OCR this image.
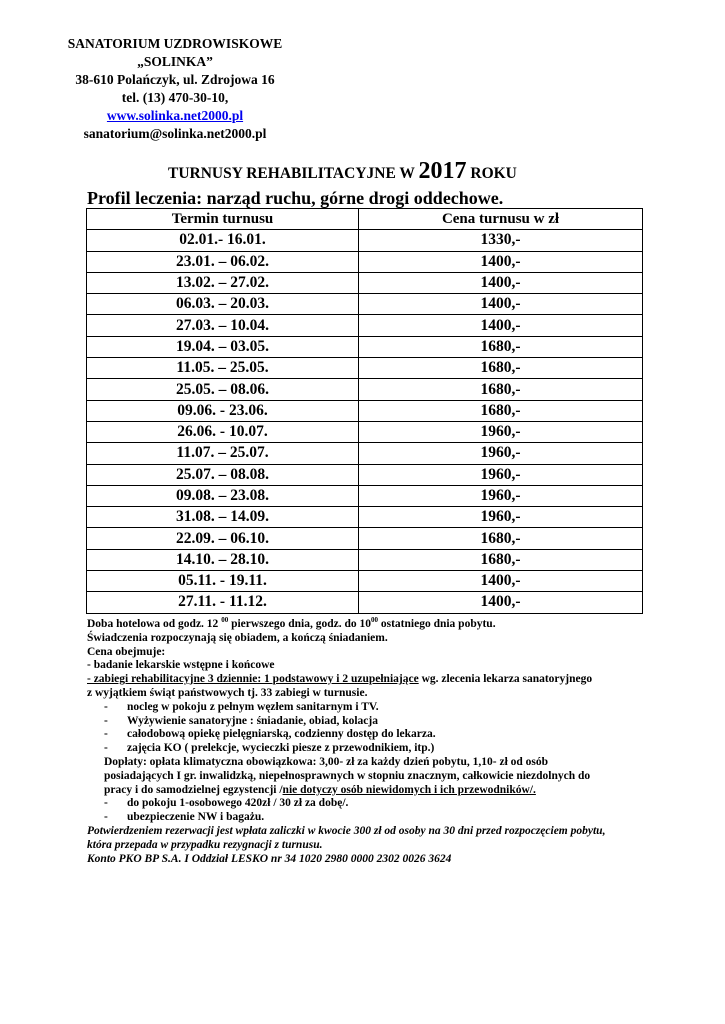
SANATORIUM UZDROWISKOWE
„SOLINKA”
38-610 Polańczyk, ul. Zdrojowa 16
tel. (13) 470-30-10,
www.solinka.net2000.pl
sanatorium@solinka.net2000.pl
TURNUSY REHABILITACYJNE W 2017 ROKU
Profil leczenia: narząd ruchu, górne drogi oddechowe.
Termin turnusu	Cena turnusu w zł
02.01.- 16.01.	1330,-
23.01. – 06.02.	1400,-
13.02. – 27.02.	1400,-
06.03. – 20.03.	1400,-
27.03. – 10.04.	1400,-
19.04. – 03.05.	1680,-
11.05. – 25.05.	1680,-
25.05. – 08.06.	1680,-
09.06. - 23.06.	1680,-
26.06. - 10.07.	1960,-
11.07. – 25.07.	1960,-
25.07. – 08.08.	1960,-
09.08. – 23.08.	1960,-
31.08. – 14.09.	1960,-
22.09. – 06.10.	1680,-
14.10. – 28.10.	1680,-
05.11. - 19.11.	1400,-
27.11. - 11.12.	1400,-

Doba hotelowa od godz. 12 $^{00}$ pierwszego dnia, godz. do $10^{00}$ ostatniego dnia pobytu.

Świadczenia rozpoczynają się obiadem, a kończą śniadaniem.

Cena obejmuje:

- badanie lekarskie wstępne i końcowe

- zabiegi rehabilitacyjne 3 dziennie: 1 podstawowy i 2 uzupełniające wg. zlecenia lekarza sanatoryjnego

z wyjątkiem świąt państwowych tj. 33 zabiegi w turnusie.

- nocleg w pokoju z pełnym węzłem sanitarnym i TV.

- Wyżywienie sanatoryjne : śniadanie, obiad, kolacja

- całodobową opiekę pielęgniarską, codzienny dostęp do lekarza.

- zajęcia KO ( prelekcje, wycieczki piesze z przewodnikiem, itp.)

Dopłaty: opłata klimatyczna obowiązkowa: 3,00- zł za każdy dzień pobytu, 1,10- zł od osób

posiadających I gr. inwalidzką, niepełnosprawnych w stopniu znacznym, całkowicie niezdolnych do

pracy i do samodzielnej egzystencji /nie dotyczy osób niewidomych i ich przewodników/.

- do pokoju 1-osobowego 420zł / 30 zł za dobę/.

- ubezpieczenie NW i bagażu.

Potwierdzeniem rezerwacji jest wpłata zaliczki w kwocie 300 zł od osoby na 30 dni przed rozpoczęciem pobytu,

która przepada w przypadku rezygnacji z turnusu.

Konto PKO BP S.A. I Oddział LESKO nr 34 1020 2980 0000 2302 0026 3624
